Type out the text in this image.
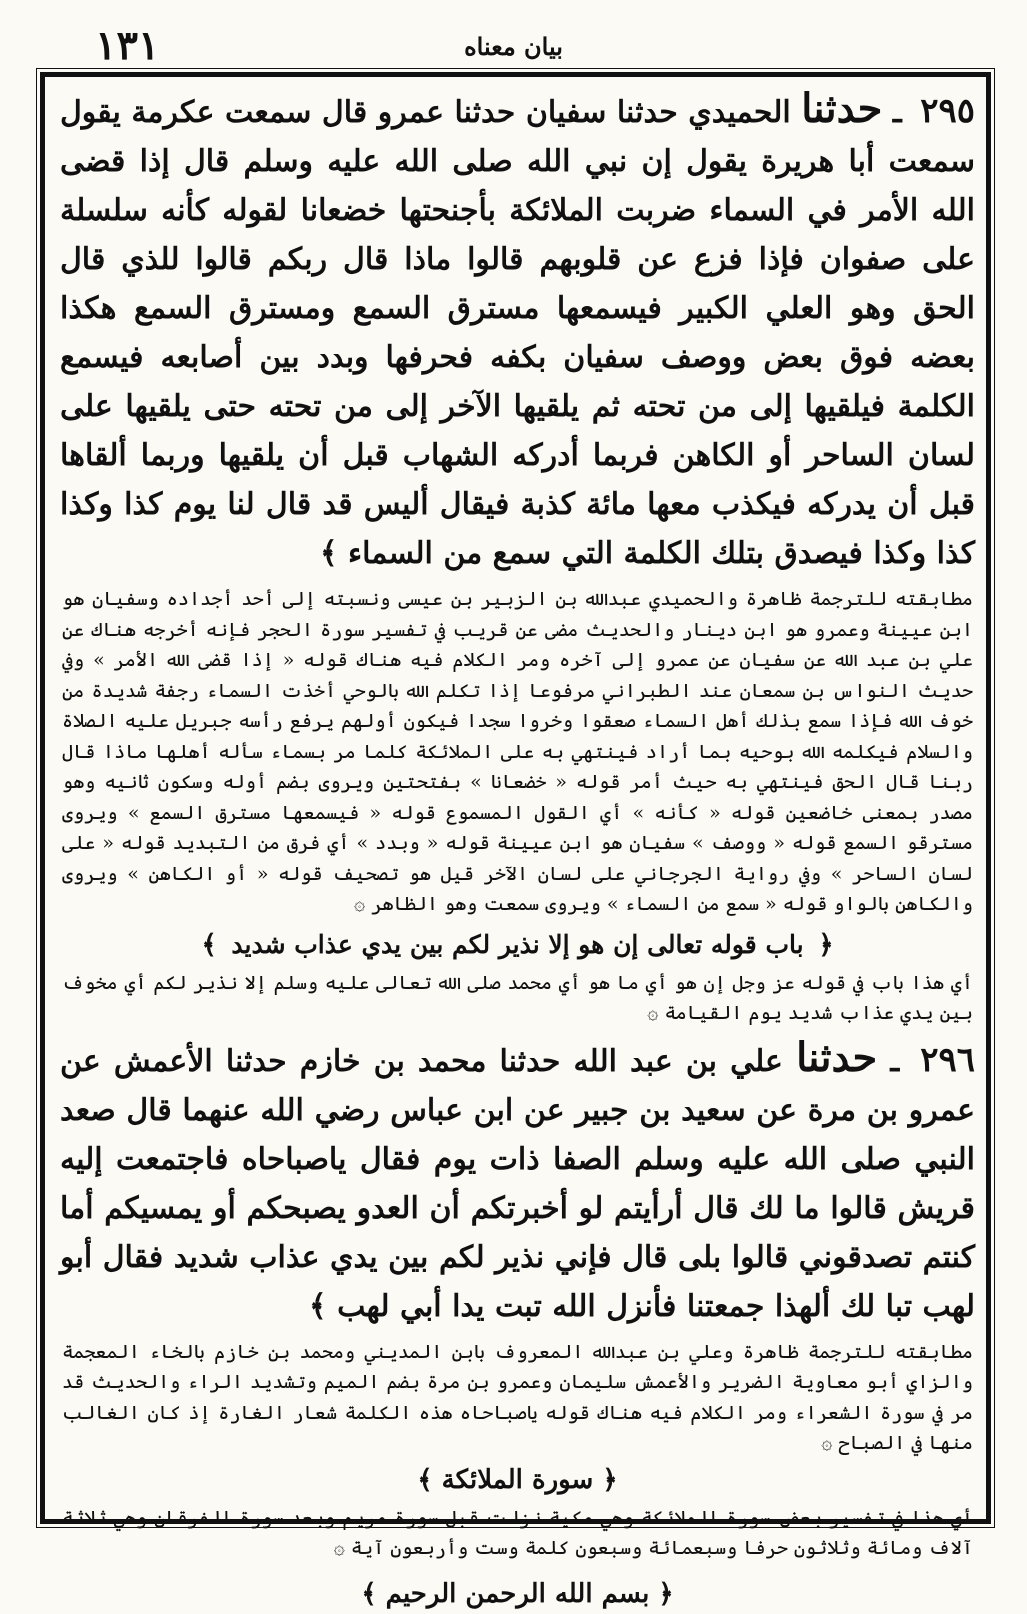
١٣١	بيان معناه

٢٩٥ ـ حدثنا الحميدي حدثنا سفيان حدثنا عمرو قال سمعت عكرمة يقول سمعت أبا هريرة يقول إن نبي الله صلى الله عليه وسلم قال إذا قضى الله الأمر في السماء ضربت الملائكة بأجنحتها خضعانا لقوله كأنه سلسلة على صفوان فإذا فزع عن قلوبهم قالوا ماذا قال ربكم قالوا للذي قال الحق وهو العلي الكبير فيسمعها مسترق السمع ومسترق السمع هكذا بعضه فوق بعض ووصف سفيان بكفه فحرفها وبدد بين أصابعه فيسمع الكلمة فيلقيها إلى من تحته ثم يلقيها الآخر إلى من تحته حتى يلقيها على لسان الساحر أو الكاهن فربما أدركه الشهاب قبل أن يلقيها وربما ألقاها قبل أن يدركه فيكذب معها مائة كذبة فيقال أليس قد قال لنا يوم كذا وكذا كذا وكذا فيصدق بتلك الكلمة التي سمع من السماء ﴾

مطابقته للترجمة ظاهرة والحميدي عبدالله بن الزبير بن عيسى ونسبته إلى أحد أجداده وسفيان هو ابن عيينة وعمرو هو ابن دينار والحديث مضى عن قريب في تفسير سورة الحجر فإنه أخرجه هناك عن علي بن عبد الله عن سفيان عن عمرو إلى آخره ومر الكلام فيه هناك قوله « إذا قضى الله الأمر » وفي حديث النواس بن سمعان عند الطبراني مرفوعا إذا تكلم الله بالوحي أخذت السماء رجفة شديدة من خوف الله فإذا سمع بذلك أهل السماء صعقوا وخروا سجدا فيكون أولهم يرفع رأسه جبريل عليه الصلاة والسلام فيكلمه الله بوحيه بما أراد فينتهي به على الملائكة كلما مر بسماء سأله أهلها ماذا قال ربنا قال الحق فينتهي به حيث أمر قوله « خضعانا » بفتحتين ويروى بضم أوله وسكون ثانيه وهو مصدر بمعنى خاضعين قوله « كأنه » أي القول المسموع قوله « فيسمعها مسترق السمع » ويروى مسترقو السمع قوله « ووصف » سفيان هو ابن عيينة قوله « وبدد » أي فرق من التبديد قوله « على لسان الساحر » وفي رواية الجرجاني على لسان الآخر قيل هو تصحيف قوله « أو الكاهن » ويروى والكاهن بالواو قوله « سمع من السماء » ويروى سمعت وهو الظاهر ۞

﴿ باب قوله تعالى إن هو إلا نذير لكم بين يدي عذاب شديد ﴾

أي هذا باب في قوله عز وجل إن هو أي ما هو أي محمد صلى الله تعالى عليه وسلم إلا نذير لكم أي مخوف بين يدي عذاب شديد يوم القيامة ۞

٢٩٦ ـ حدثنا علي بن عبد الله حدثنا محمد بن خازم حدثنا الأعمش عن عمرو بن مرة عن سعيد بن جبير عن ابن عباس رضي الله عنهما قال صعد النبي صلى الله عليه وسلم الصفا ذات يوم فقال ياصباحاه فاجتمعت إليه قريش قالوا ما لك قال أرأيتم لو أخبرتكم أن العدو يصبحكم أو يمسيكم أما كنتم تصدقوني قالوا بلى قال فإني نذير لكم بين يدي عذاب شديد فقال أبو لهب تبا لك ألهذا جمعتنا فأنزل الله تبت يدا أبي لهب ﴾

مطابقته للترجمة ظاهرة وعلي بن عبدالله المعروف بابن المديني ومحمد بن خازم بالخاء المعجمة والزاي أبو معاوية الضرير والأعمش سليمان وعمرو بن مرة بضم الميم وتشديد الراء والحديث قد مر في سورة الشعراء ومر الكلام فيه هناك قوله ياصباحاه هذه الكلمة شعار الغارة إذ كان الغالب منها في الصباح ۞

﴿ سورة الملائكة ﴾

أي هذا في تفسير بعض سورة الملائكة وهي مكية نزلت قبل سورة مريم وبعد سورة الفرقان وهي ثلاثة آلاف ومائة وثلاثون حرفا وسبعمائة وسبعون كلمة وست وأربعون آية ۞

﴿ بسم الله الرحمن الرحيم ﴾
